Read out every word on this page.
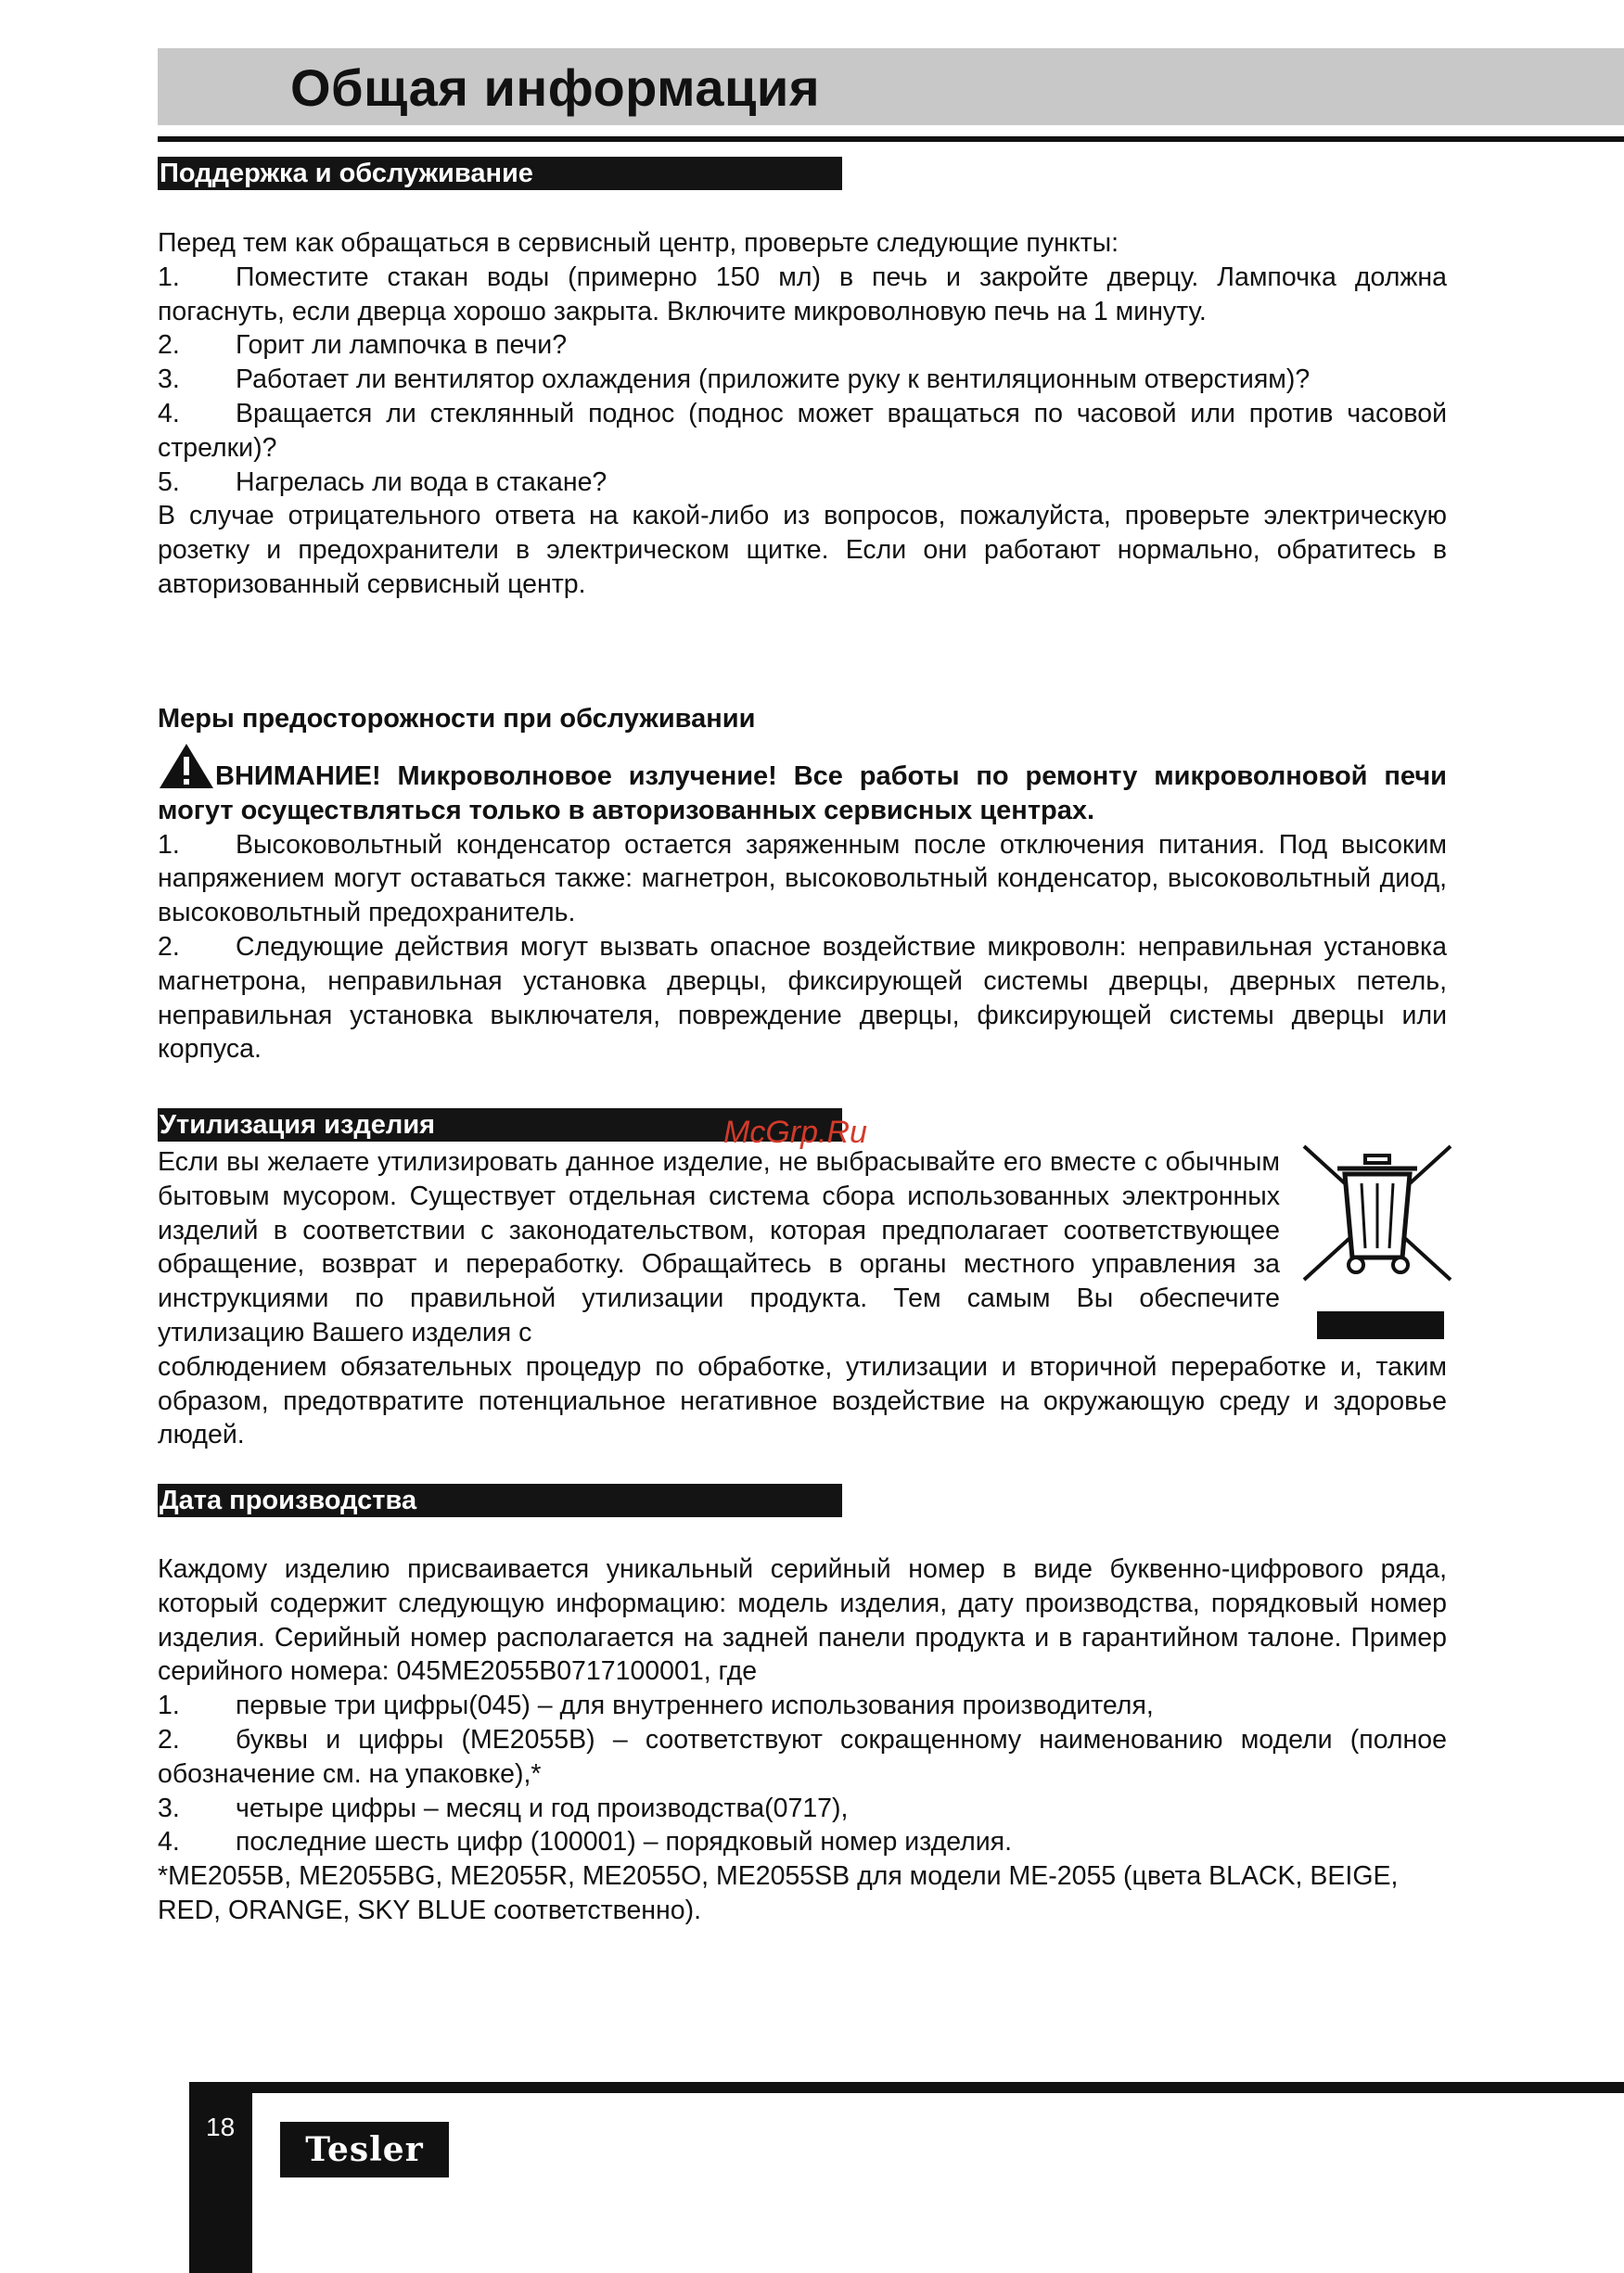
Общая информация
Поддержка и обслуживание

Перед тем как обращаться в сервисный центр, проверьте следующие пункты:

1. Поместите стакан воды (примерно 150 мл) в печь и закройте дверцу. Лампочка должна погаснуть, если дверца хорошо закрыта. Включите микроволновую печь на 1 минуту.

2. Горит ли лампочка в печи?

3. Работает ли вентилятор охлаждения (приложите руку к вентиляционным отверстиям)?

4. Вращается ли стеклянный поднос (поднос может вращаться по часовой или против часовой стрелки)?

5. Нагрелась ли вода в стакане?

В случае отрицательного ответа на какой-либо из вопросов, пожалуйста, проверьте электрическую розетку и предохранители в электрическом щитке. Если они работают нормально, обратитесь в авторизованный сервисный центр.

Меры предосторожности при обслуживании

ВНИМАНИЕ! Микроволновое излучение! Все работы по ремонту микроволновой печи могут осуществляться только в авторизованных сервисных центрах.

1. Высоковольтный конденсатор остается заряженным после отключения питания. Под высоким напряжением могут оставаться также: магнетрон, высоковольтный конденсатор, высоковольтный диод, высоковольтный предохранитель.

2. Следующие действия могут вызвать опасное воздействие микроволн: неправильная установка магнетрона, неправильная установка дверцы, фиксирующей системы дверцы, дверных петель, неправильная установка выключателя, повреждение дверцы, фиксирующей системы дверцы или корпуса.

Утилизация изделия	McGrp.Ru

Если вы желаете утилизировать данное изделие, не выбрасывайте его вместе с обычным бытовым мусором. Существует отдельная система сбора использованных электронных изделий в соответствии с законодательством, которая предполагает соответствующее обращение, возврат и переработку. Обращайтесь в органы местного управления за инструкциями по правильной утилизации продукта. Тем самым Вы обеспечите утилизацию Вашего изделия с

соблюдением обязательных процедур по обработке, утилизации и вторичной переработке и, таким образом, предотвратите потенциальное негативное воздействие на окружающую среду и здоровье людей.

Дата производства

Каждому изделию присваивается уникальный серийный номер в виде буквенно-цифрового ряда, который содержит следующую информацию: модель изделия, дату производства, порядковый номер изделия. Серийный номер располагается на задней панели продукта и в гарантийном талоне. Пример серийного номера: 045ME2055B0717100001, где

1. первые три цифры(045) – для внутреннего использования производителя,

2. буквы и цифры (ME2055B) – соответствуют сокращенному наименованию модели (полное обозначение см. на упаковке),*

3. четыре цифры – месяц и год производства(0717),

4. последние шесть цифр (100001) – порядковый номер изделия.

*ME2055B, ME2055BG, ME2055R, ME2055O, ME2055SB для модели ME-2055 (цвета BLACK, BEIGE, RED, ORANGE, SKY BLUE соответственно).

18
Tesler
